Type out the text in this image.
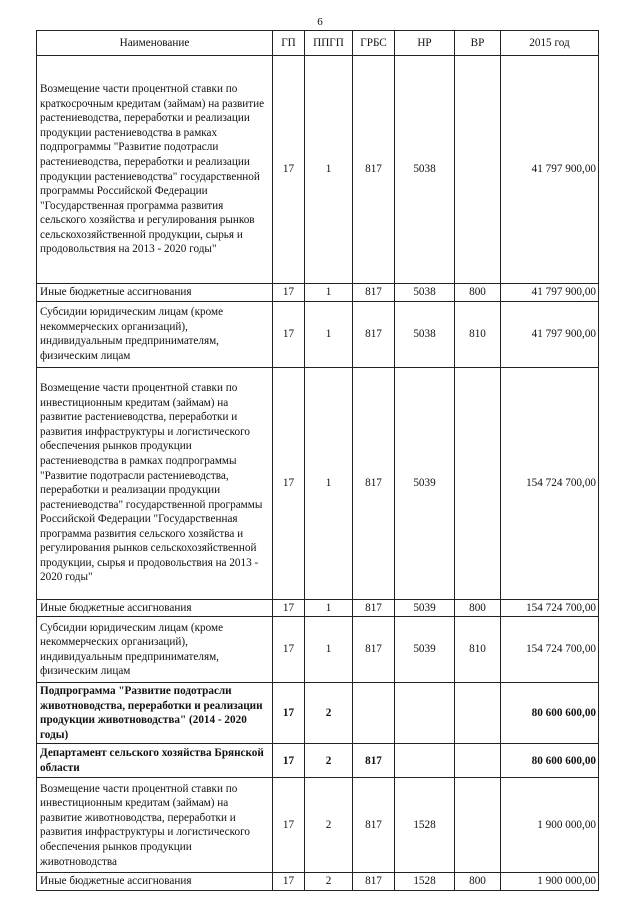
6
Наименование	ГП	ППГП	ГРБС	НР	ВР	2015 год
Возмещение части процентной ставки по краткосрочным кредитам (займам) на развитие растениеводства, переработки и реализации продукции растениеводства в рамках подпрограммы "Развитие подотрасли растениеводства, переработки и реализации продукции растениеводства" государственной программы Российской Федерации "Государственная программа развития сельского хозяйства и регулирования рынков сельскохозяйственной продукции, сырья и продовольствия на 2013 - 2020 годы"	17	1	817	5038		41 797 900,00
Иные бюджетные ассигнования	17	1	817	5038	800	41 797 900,00
Субсидии юридическим лицам (кроме некоммерческих организаций), индивидуальным предпринимателям, физическим лицам	17	1	817	5038	810	41 797 900,00
Возмещение части процентной ставки по инвестиционным кредитам (займам) на развитие растениеводства, переработки и развития инфраструктуры и логистического обеспечения рынков продукции растениеводства в рамках подпрограммы "Развитие подотрасли растениеводства, переработки и реализации продукции растениеводства" государственной программы Российской Федерации "Государственная программа развития сельского хозяйства и регулирования рынков сельскохозяйственной продукции, сырья и продовольствия на 2013 - 2020 годы"	17	1	817	5039		154 724 700,00
Иные бюджетные ассигнования	17	1	817	5039	800	154 724 700,00
Субсидии юридическим лицам (кроме некоммерческих организаций), индивидуальным предпринимателям, физическим лицам	17	1	817	5039	810	154 724 700,00
Подпрограмма "Развитие подотрасли животноводства, переработки и реализации продукции животноводства" (2014 - 2020 годы)	17	2				80 600 600,00
Департамент сельского хозяйства Брянской области	17	2	817			80 600 600,00
Возмещение части процентной ставки по инвестиционным кредитам (займам) на развитие животноводства, переработки и развития инфраструктуры и логистического обеспечения рынков продукции животноводства	17	2	817	1528		1 900 000,00
Иные бюджетные ассигнования	17	2	817	1528	800	1 900 000,00
